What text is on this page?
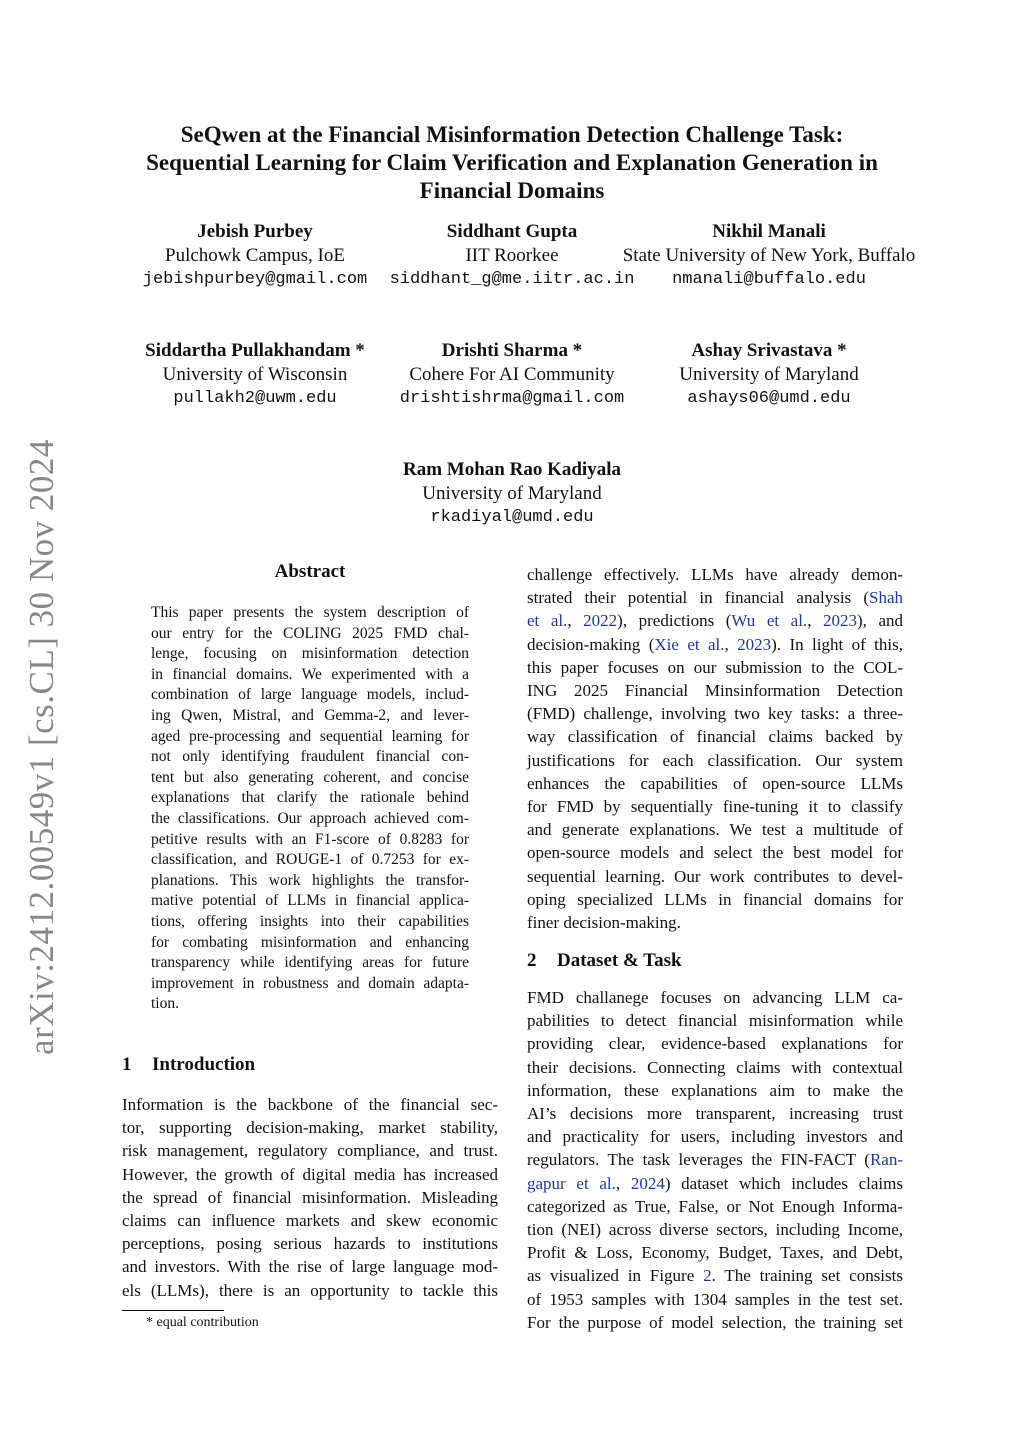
arXiv:2412.00549v1 [cs.CL] 30 Nov 2024
SeQwen at the Financial Misinformation Detection Challenge Task:
Sequential Learning for Claim Verification and Explanation Generation in
Financial Domains
Jebish Purbey
Pulchowk Campus, IoE
jebishpurbey@gmail.com
Siddhant Gupta
IIT Roorkee
siddhant_g@me.iitr.ac.in
Nikhil Manali
State University of New York, Buffalo
nmanali@buffalo.edu
Siddartha Pullakhandam *
University of Wisconsin
pullakh2@uwm.edu
Drishti Sharma *
Cohere For AI Community
drishtishrma@gmail.com
Ashay Srivastava *
University of Maryland
ashays06@umd.edu
Ram Mohan Rao Kadiyala
University of Maryland
rkadiyal@umd.edu
Abstract
This paper presents the system description of
our entry for the COLING 2025 FMD chal-
lenge, focusing on misinformation detection
in financial domains. We experimented with a
combination of large language models, includ-
ing Qwen, Mistral, and Gemma-2, and lever-
aged pre-processing and sequential learning for
not only identifying fraudulent financial con-
tent but also generating coherent, and concise
explanations that clarify the rationale behind
the classifications. Our approach achieved com-
petitive results with an F1-score of 0.8283 for
classification, and ROUGE-1 of 0.7253 for ex-
planations. This work highlights the transfor-
mative potential of LLMs in financial applica-
tions, offering insights into their capabilities
for combating misinformation and enhancing
transparency while identifying areas for future
improvement in robustness and domain adapta-
tion.
1 Introduction
Information is the backbone of the financial sec-
tor, supporting decision-making, market stability,
risk management, regulatory compliance, and trust.
However, the growth of digital media has increased
the spread of financial misinformation. Misleading
claims can influence markets and skew economic
perceptions, posing serious hazards to institutions
and investors. With the rise of large language mod-
els (LLMs), there is an opportunity to tackle this
* equal contribution
challenge effectively. LLMs have already demon-
strated their potential in financial analysis (Shah
et al., 2022), predictions (Wu et al., 2023), and
decision-making (Xie et al., 2023). In light of this,
this paper focuses on our submission to the COL-
ING 2025 Financial Minsinformation Detection
(FMD) challenge, involving two key tasks: a three-
way classification of financial claims backed by
justifications for each classification. Our system
enhances the capabilities of open-source LLMs
for FMD by sequentially fine-tuning it to classify
and generate explanations. We test a multitude of
open-source models and select the best model for
sequential learning. Our work contributes to devel-
oping specialized LLMs in financial domains for
finer decision-making.
2 Dataset & Task
FMD challanege focuses on advancing LLM ca-
pabilities to detect financial misinformation while
providing clear, evidence-based explanations for
their decisions. Connecting claims with contextual
information, these explanations aim to make the
AI’s decisions more transparent, increasing trust
and practicality for users, including investors and
regulators. The task leverages the FIN-FACT (Ran-
gapur et al., 2024) dataset which includes claims
categorized as True, False, or Not Enough Informa-
tion (NEI) across diverse sectors, including Income,
Profit & Loss, Economy, Budget, Taxes, and Debt,
as visualized in Figure 2. The training set consists
of 1953 samples with 1304 samples in the test set.
For the purpose of model selection, the training set
